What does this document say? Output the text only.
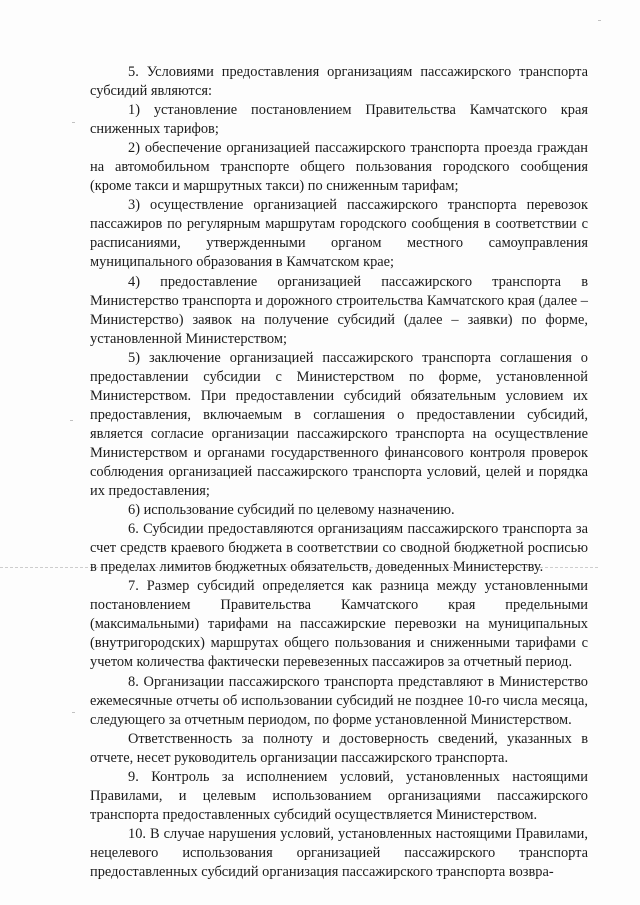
5. Условиями предоставления организациям пассажирского транспорта субсидий являются:

1) установление постановлением Правительства Камчатского края сниженных тарифов;

2) обеспечение организацией пассажирского транспорта проезда граждан на автомобильном транспорте общего пользования городского сообщения (кроме такси и маршрутных такси) по сниженным тарифам;

3) осуществление организацией пассажирского транспорта перевозок пассажиров по регулярным маршрутам городского сообщения в соответствии с расписаниями, утвержденными органом местного самоуправления муниципального образования в Камчатском крае;

4) предоставление организацией пассажирского транспорта в Министерство транспорта и дорожного строительства Камчатского края (далее – Министерство) заявок на получение субсидий (далее – заявки) по форме, установленной Министерством;

5) заключение организацией пассажирского транспорта соглашения о предоставлении субсидии с Министерством по форме, установленной Министерством. При предоставлении субсидий обязательным условием их предоставления, включаемым в соглашения о предоставлении субсидий, является согласие организации пассажирского транспорта на осуществление Министерством и органами государственного финансового контроля проверок соблюдения организацией пассажирского транспорта условий, целей и порядка их предоставления;

6) использование субсидий по целевому назначению.

6. Субсидии предоставляются организациям пассажирского транспорта за счет средств краевого бюджета в соответствии со сводной бюджетной росписью в пределах лимитов бюджетных обязательств, доведенных Министерству.

7. Размер субсидий определяется как разница между установленными постановлением Правительства Камчатского края предельными (максимальными) тарифами на пассажирские перевозки на муниципальных (внутригородских) маршрутах общего пользования и сниженными тарифами с учетом количества фактически перевезенных пассажиров за отчетный период.

8. Организации пассажирского транспорта представляют в Министерство ежемесячные отчеты об использовании субсидий не позднее 10-го числа месяца, следующего за отчетным периодом, по форме установленной Министерством.

Ответственность за полноту и достоверность сведений, указанных в отчете, несет руководитель организации пассажирского транспорта.

9. Контроль за исполнением условий, установленных настоящими Правилами, и целевым использованием организациями пассажирского транспорта предоставленных субсидий осуществляется Министерством.

10. В случае нарушения условий, установленных настоящими Правилами, нецелевого использования организацией пассажирского транспорта предоставленных субсидий организация пассажирского транспорта возвра-
